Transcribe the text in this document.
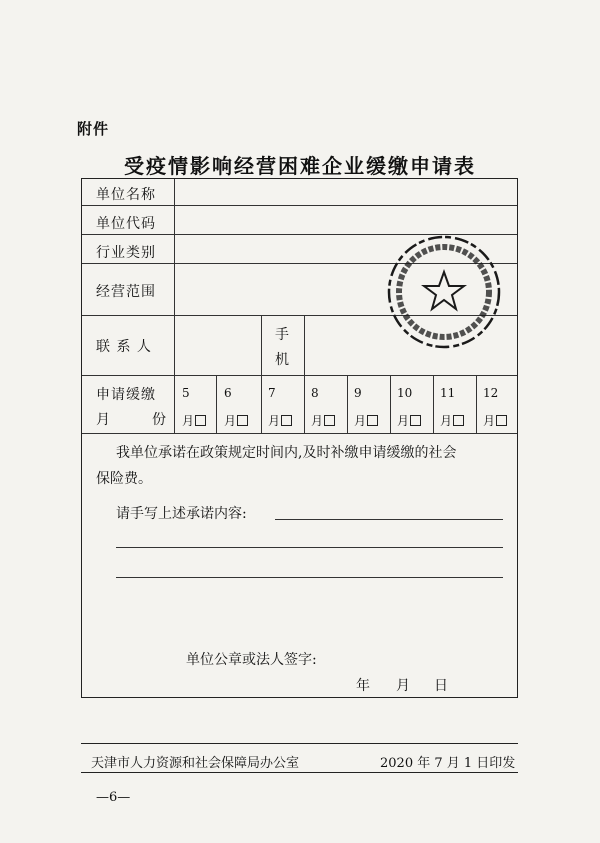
附件
受疫情影响经营困难企业缓缴申请表
单位名称
单位代码
行业类别
经营范围
联 系 人
手
机
申请缓缴
月	份
5
月
6
月
7
月
8
月
9
月
10
月
11
月
12
月
我单位承诺在政策规定时间内,及时补缴申请缓缴的社会
保险费。
请手写上述承诺内容:
单位公章或法人签字:
年 月 日
天津市人力资源和社会保障局办公室	2020 年 7 月 1 日印发
—6—
